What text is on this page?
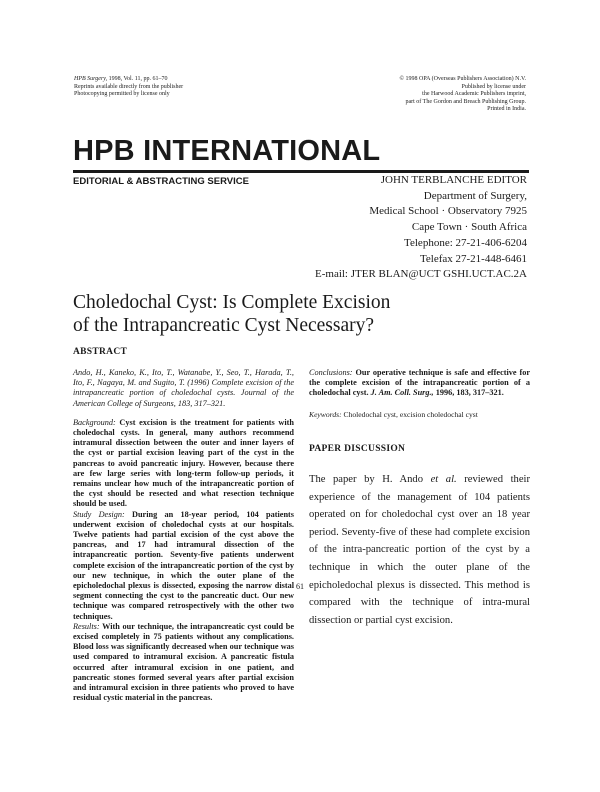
HPB Surgery, 1998, Vol. 11, pp. 61–70
Reprints available directly from the publisher
Photocopying permitted by license only
© 1998 OPA (Overseas Publishers Association) N.V.
Published by license under
the Harwood Academic Publishers imprint,
part of The Gordon and Breach Publishing Group.
Printed in India.
HPB INTERNATIONAL
EDITORIAL & ABSTRACTING SERVICE	JOHN TERBLANCHE EDITOR
Department of Surgery,
Medical School · Observatory 7925
Cape Town · South Africa
Telephone: 27-21-406-6204
Telefax 27-21-448-6461
E-mail: JTER BLAN@UCT GSHI.UCT.AC.2A
Choledochal Cyst: Is Complete Excision
of the Intrapancreatic Cyst Necessary?
ABSTRACT

Ando, H., Kaneko, K., Ito, T., Watanabe, Y., Seo, T., Harada, T., Ito, F., Nagaya, M. and Sugito, T. (1996) Complete excision of the intrapancreatic portion of choledochal cysts. Journal of the American College of Surgeons, 183, 317–321.

Background: Cyst excision is the treatment for patients with choledochal cysts. In general, many authors recommend intramural dissection between the outer and inner layers of the cyst or partial excision leaving part of the cyst in the pancreas to avoid pancreatic injury. However, because there are few large series with long-term follow-up periods, it remains unclear how much of the intrapancreatic portion of the cyst should be resected and what resection technique should be used.

Study Design: During an 18-year period, 104 patients underwent excision of choledochal cysts at our hospitals. Twelve patients had partial excision of the cyst above the pancreas, and 17 had intramural dissection of the intrapancreatic portion. Seventy-five patients underwent complete excision of the intrapancreatic portion of the cyst by our new technique, in which the outer plane of the epicholedochal plexus is dissected, exposing the narrow distal segment connecting the cyst to the pancreatic duct. Our new technique was compared retrospectively with the other two techniques.

Results: With our technique, the intrapancreatic cyst could be excised completely in 75 patients without any complications. Blood loss was significantly decreased when our technique was used compared to intramural excision. A pancreatic fistula occurred after intramural excision in one patient, and pancreatic stones formed several years after partial excision and intramural excision in three patients who proved to have residual cystic material in the pancreas.

Conclusions: Our operative technique is safe and effective for the complete excision of the intrapancreatic portion of a choledochal cyst. J. Am. Coll. Surg., 1996, 183, 317–321.

Keywords: Choledochal cyst, excision choledochal cyst

PAPER DISCUSSION

The paper by H. Ando et al. reviewed their experience of the management of 104 patients operated on for choledochal cyst over an 18 year period. Seventy-five of these had complete excision of the intra-pancreatic portion of the cyst by a technique in which the outer plane of the epicholedochal plexus is dissected. This method is compared with the technique of intra-mural dissection or partial cyst excision.

61
